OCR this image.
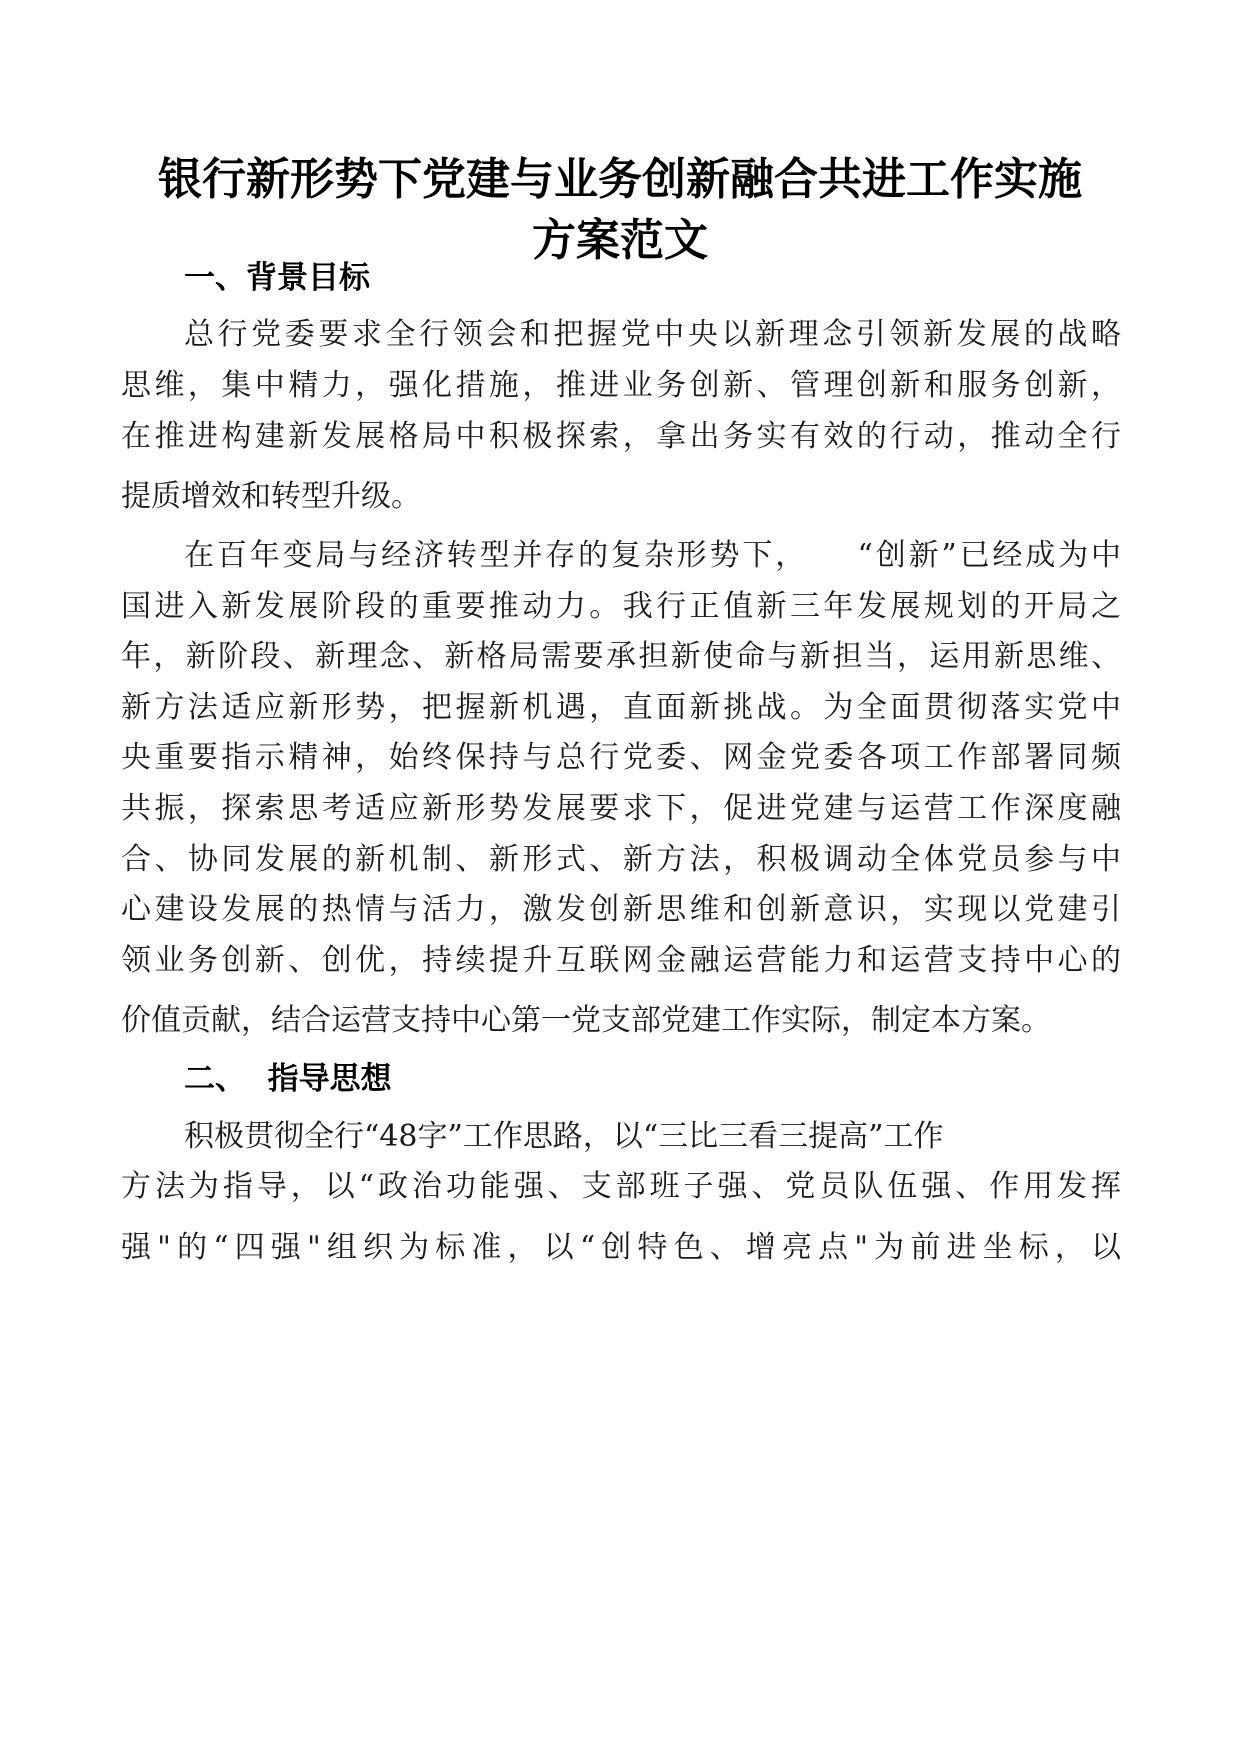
银行新形势下党建与业务创新融合共进工作实施
方案范文
一、背景目标
总行党委要求全行领会和把握党中央以新理念引领新发展的战略
思维，集中精力，强化措施，推进业务创新、管理创新和服务创新，
在推进构建新发展格局中积极探索，拿出务实有效的行动，推动全行
提质增效和转型升级。
在百年变局与经济转型并存的复杂形势下，    “创新”已经成为中
国进入新发展阶段的重要推动力。我行正值新三年发展规划的开局之
年，新阶段、新理念、新格局需要承担新使命与新担当，运用新思维、
新方法适应新形势，把握新机遇，直面新挑战。为全面贯彻落实党中
央重要指示精神，始终保持与总行党委、网金党委各项工作部署同频
共振，探索思考适应新形势发展要求下，促进党建与运营工作深度融
合、协同发展的新机制、新形式、新方法，积极调动全体党员参与中
心建设发展的热情与活力，激发创新思维和创新意识，实现以党建引
领业务创新、创优，持续提升互联网金融运营能力和运营支持中心的
价值贡献，结合运营支持中心第一党支部党建工作实际，制定本方案。
二、  指导思想
积极贯彻全行“48字”工作思路，以“三比三看三提高”工作
方法为指导，以“政治功能强、支部班子强、党员队伍强、作用发挥
强"的“四强"组织为标准，以“创特色、增亮点"为前进坐标，以
